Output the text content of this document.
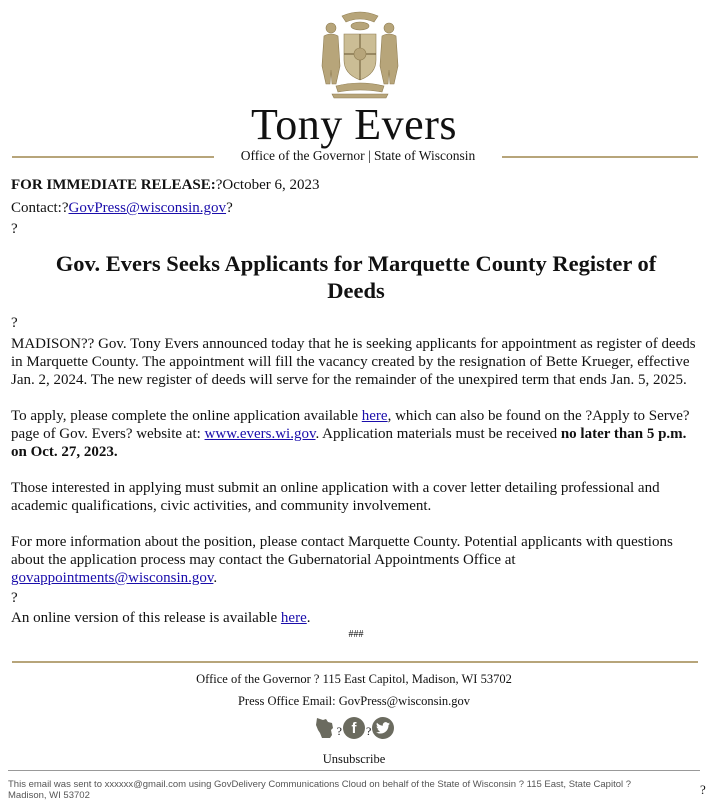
Tony Evers
Office of the Governor | State of Wisconsin

FOR IMMEDIATE RELEASE:?October 6, 2023

Contact:?GovPress@wisconsin.gov?

?

Gov. Evers Seeks Applicants for Marquette County Register of Deeds

?

MADISON?? Gov. Tony Evers announced today that he is seeking applicants for appointment as register of deeds in Marquette County. The appointment will fill the vacancy created by the resignation of Bette Krueger, effective Jan. 2, 2024. The new register of deeds will serve for the remainder of the unexpired term that ends Jan. 5, 2025.

To apply, please complete the online application available here, which can also be found on the ?Apply to Serve? page of Gov. Evers? website at: www.evers.wi.gov. Application materials must be received no later than 5 p.m. on Oct. 27, 2023.

Those interested in applying must submit an online application with a cover letter detailing professional and academic qualifications, civic activities, and community involvement.

For more information about the position, please contact Marquette County. Potential applicants with questions about the application process may contact the Gubernatorial Appointments Office at govappointments@wisconsin.gov.

?

An online version of this release is available here.

###

Office of the Governor ? 115 East Capitol, Madison, WI 53702
Press Office Email: GovPress@wisconsin.gov
? f ?
Unsubscribe
This email was sent to xxxxxx@gmail.com using GovDelivery Communications Cloud on behalf of the State of Wisconsin ? 115 East, State Capitol ? Madison, WI 53702	?
